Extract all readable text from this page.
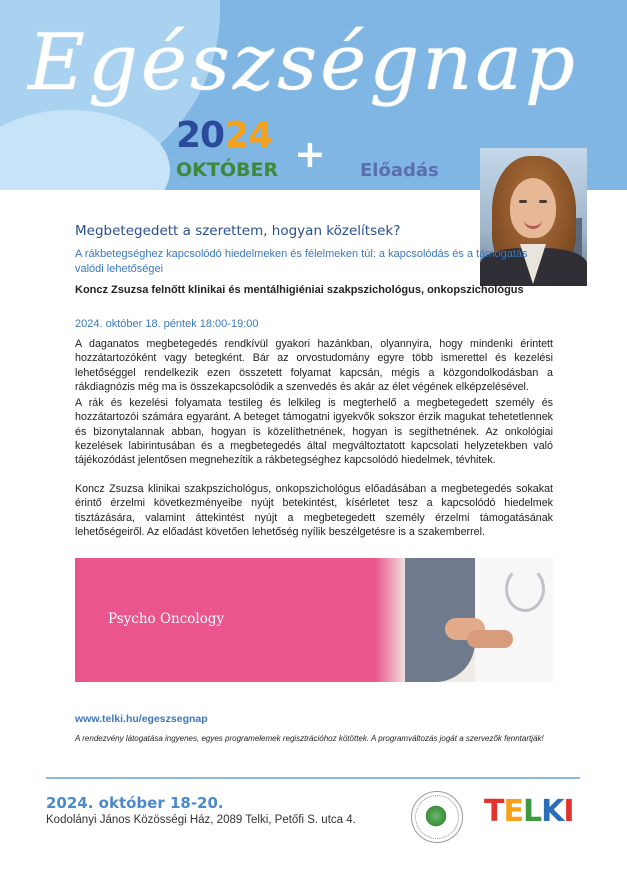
Egészségnap
2024 +
OKTÓBER	Előadás
Megbetegedett a szerettem, hogyan közelítsek?
A rákbetegséghez kapcsolódó hiedelmeken és félelmeken túl: a kapcsolódás és a támogatás valódi lehetőségei
Koncz Zsuzsa felnőtt klinikai és mentálhigiéniai szakpszichológus, onkopszichológus
2024. október 18. péntek 18:00-19:00
A daganatos megbetegedés rendkívül gyakori hazánkban, olyannyira, hogy mindenki érintett hozzátartozóként vagy betegként. Bár az orvostudomány egyre több ismerettel és kezelési lehetőséggel rendelkezik ezen összetett folyamat kapcsán, mégis a közgondolkodásban a rákdiagnózis még ma is összekapcsolódik a szenvedés és akár az élet végének elképzelésével.
A rák és kezelési folyamata testileg és lelkileg is megterhelő a megbetegedett személy és hozzátartozói számára egyaránt. A beteget támogatni igyekvők sokszor érzik magukat tehetetlennek és bizonytalannak abban, hogyan is közelíthetnének, hogyan is segíthetnének. Az onkológiai kezelések labirintusában és a megbetegedés által megváltoztatott kapcsolati helyzetekben való tájékozódást jelentősen megnehezítik a rákbetegséghez kapcsolódó hiedelmek, tévhitek.
Koncz Zsuzsa klinikai szakpszichológus, onkopszichológus előadásában a megbetegedés sokakat érintő érzelmi következményeibe nyújt betekintést, kísérletet tesz a kapcsolódó hiedelmek tisztázására, valamint áttekintést nyújt a megbetegedett személy érzelmi támogatásának lehetőségeiről. Az előadást követően lehetőség nyílik beszélgetésre is a szakemberrel.
Psycho Oncology
www.telki.hu/egeszsegnap
A rendezvény látogatása ingyenes, egyes programelemek regisztrációhoz kötöttek. A programváltozás jogát a szervezők fenntartják!
2024. október 18-20.
Kodolányi János Közösségi Ház, 2089 Telki, Petőfi S. utca 4.	TELKI
